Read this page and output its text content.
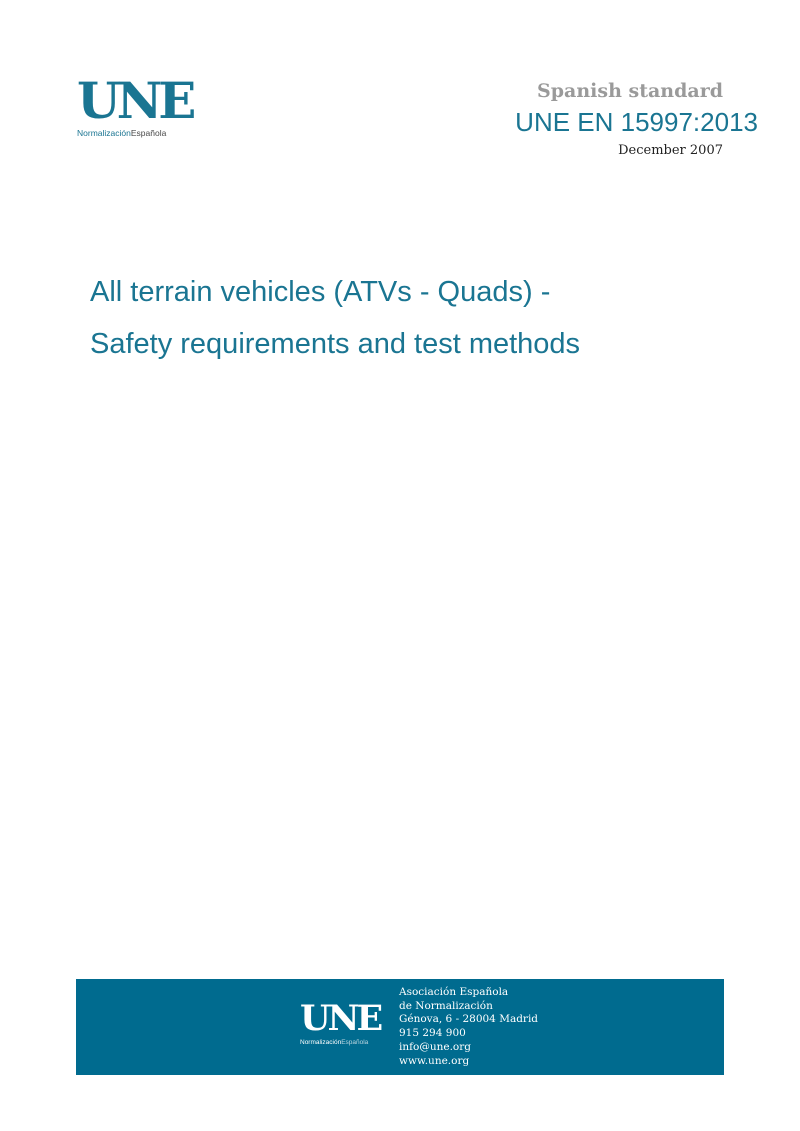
UNE
NormalizaciónEspañola
Spanish standard
UNE EN 15997:2013
December 2007
All terrain vehicles (ATVs - Quads) -
Safety requirements and test methods
UNE
NormalizaciónEspañola
Asociación Española
de Normalización
Génova, 6 - 28004 Madrid
915 294 900
info@une.org
www.une.org
